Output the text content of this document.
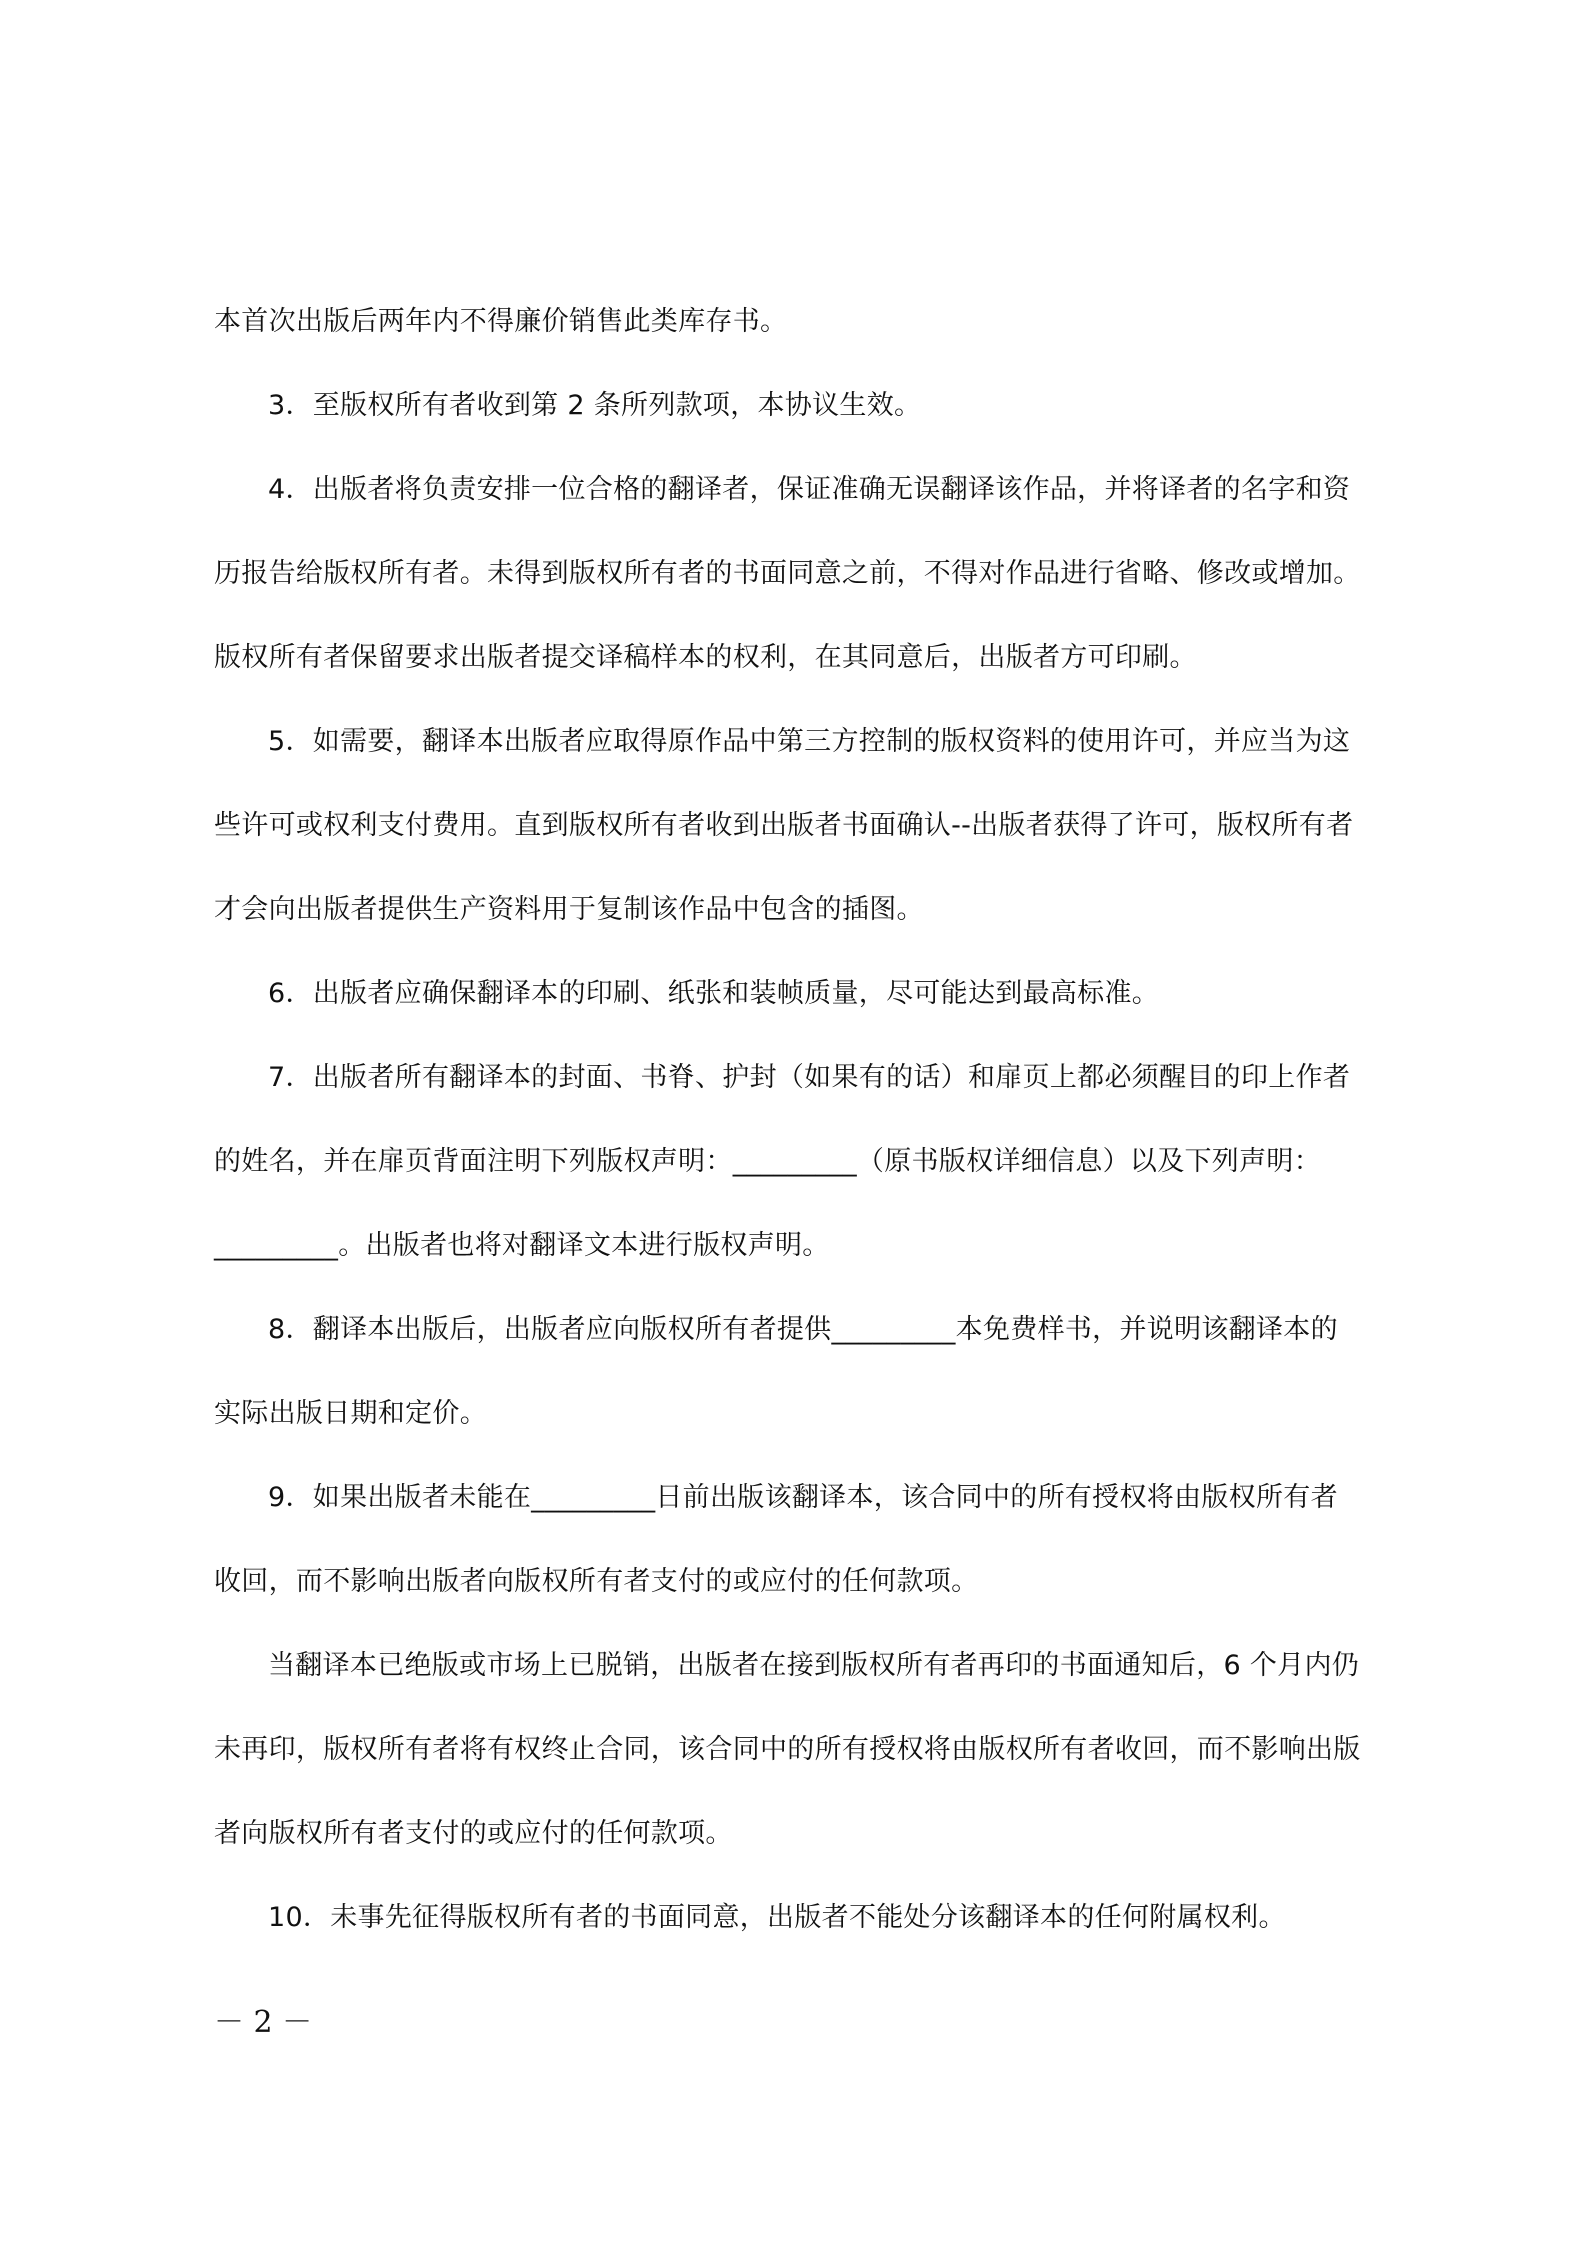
本首次出版后两年内不得廉价销售此类库存书。
3．至版权所有者收到第 2 条所列款项，本协议生效。
4．出版者将负责安排一位合格的翻译者，保证准确无误翻译该作品，并将译者的名字和资
历报告给版权所有者。未得到版权所有者的书面同意之前，不得对作品进行省略、修改或增加。
版权所有者保留要求出版者提交译稿样本的权利，在其同意后，出版者方可印刷。
5．如需要，翻译本出版者应取得原作品中第三方控制的版权资料的使用许可，并应当为这
些许可或权利支付费用。直到版权所有者收到出版者书面确认--出版者获得了许可，版权所有者
才会向出版者提供生产资料用于复制该作品中包含的插图。
6．出版者应确保翻译本的印刷、纸张和装帧质量，尽可能达到最高标准。
7．出版者所有翻译本的封面、书脊、护封（如果有的话）和扉页上都必须醒目的印上作者
的姓名，并在扉页背面注明下列版权声明：_________（原书版权详细信息）以及下列声明：
_________。出版者也将对翻译文本进行版权声明。
8．翻译本出版后，出版者应向版权所有者提供_________本免费样书，并说明该翻译本的
实际出版日期和定价。
9．如果出版者未能在_________日前出版该翻译本，该合同中的所有授权将由版权所有者
收回，而不影响出版者向版权所有者支付的或应付的任何款项。
当翻译本已绝版或市场上已脱销，出版者在接到版权所有者再印的书面通知后，6 个月内仍
未再印，版权所有者将有权终止合同，该合同中的所有授权将由版权所有者收回，而不影响出版
者向版权所有者支付的或应付的任何款项。
10．未事先征得版权所有者的书面同意，出版者不能处分该翻译本的任何附属权利。
－ 2 －
